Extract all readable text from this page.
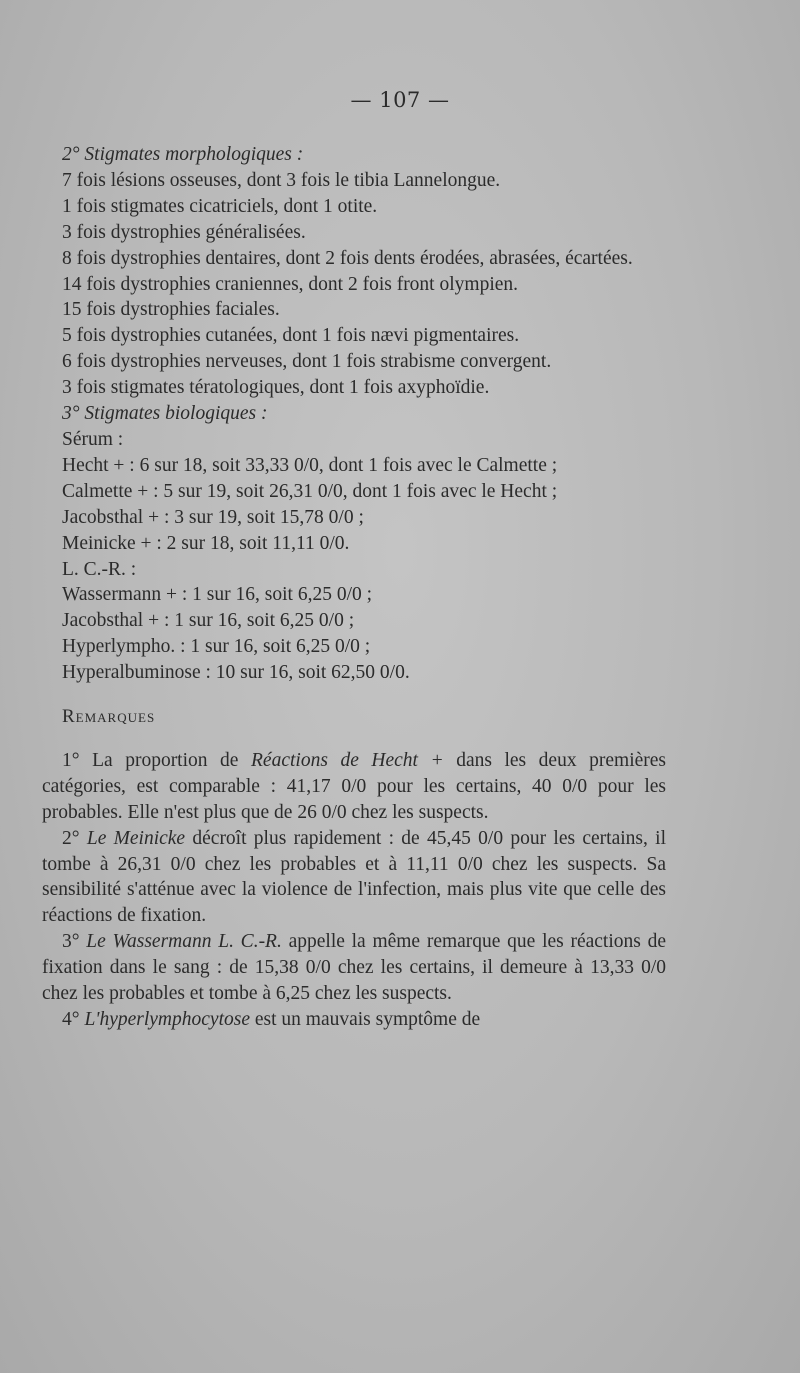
— 107 —

2° Stigmates morphologiques :

7 fois lésions osseuses, dont 3 fois le tibia Lannelongue.

1 fois stigmates cicatriciels, dont 1 otite.

3 fois dystrophies généralisées.

8 fois dystrophies dentaires, dont 2 fois dents érodées, abrasées, écartées.

14 fois dystrophies craniennes, dont 2 fois front olympien.

15 fois dystrophies faciales.

5 fois dystrophies cutanées, dont 1 fois nævi pigmentaires.

6 fois dystrophies nerveuses, dont 1 fois strabisme convergent.

3 fois stigmates tératologiques, dont 1 fois axyphoïdie.

3° Stigmates biologiques :

Sérum :

Hecht + : 6 sur 18, soit 33,33 0/0, dont 1 fois avec le Calmette ;

Calmette + : 5 sur 19, soit 26,31 0/0, dont 1 fois avec le Hecht ;

Jacobsthal + : 3 sur 19, soit 15,78 0/0 ;

Meinicke + : 2 sur 18, soit 11,11 0/0.

L. C.-R. :

Wassermann + : 1 sur 16, soit 6,25 0/0 ;

Jacobsthal + : 1 sur 16, soit 6,25 0/0 ;

Hyperlympho. : 1 sur 16, soit 6,25 0/0 ;

Hyperalbuminose : 10 sur 16, soit 62,50 0/0.

Remarques

1° La proportion de Réactions de Hecht + dans les deux premières catégories, est comparable : 41,17 0/0 pour les certains, 40 0/0 pour les probables. Elle n'est plus que de 26 0/0 chez les suspects.

2° Le Meinicke décroît plus rapidement : de 45,45 0/0 pour les certains, il tombe à 26,31 0/0 chez les probables et à 11,11 0/0 chez les suspects. Sa sensibilité s'atténue avec la violence de l'infection, mais plus vite que celle des réactions de fixation.

3° Le Wassermann L. C.-R. appelle la même remarque que les réactions de fixation dans le sang : de 15,38 0/0 chez les certains, il demeure à 13,33 0/0 chez les probables et tombe à 6,25 chez les suspects.

4° L'hyperlymphocytose est un mauvais symptôme de
